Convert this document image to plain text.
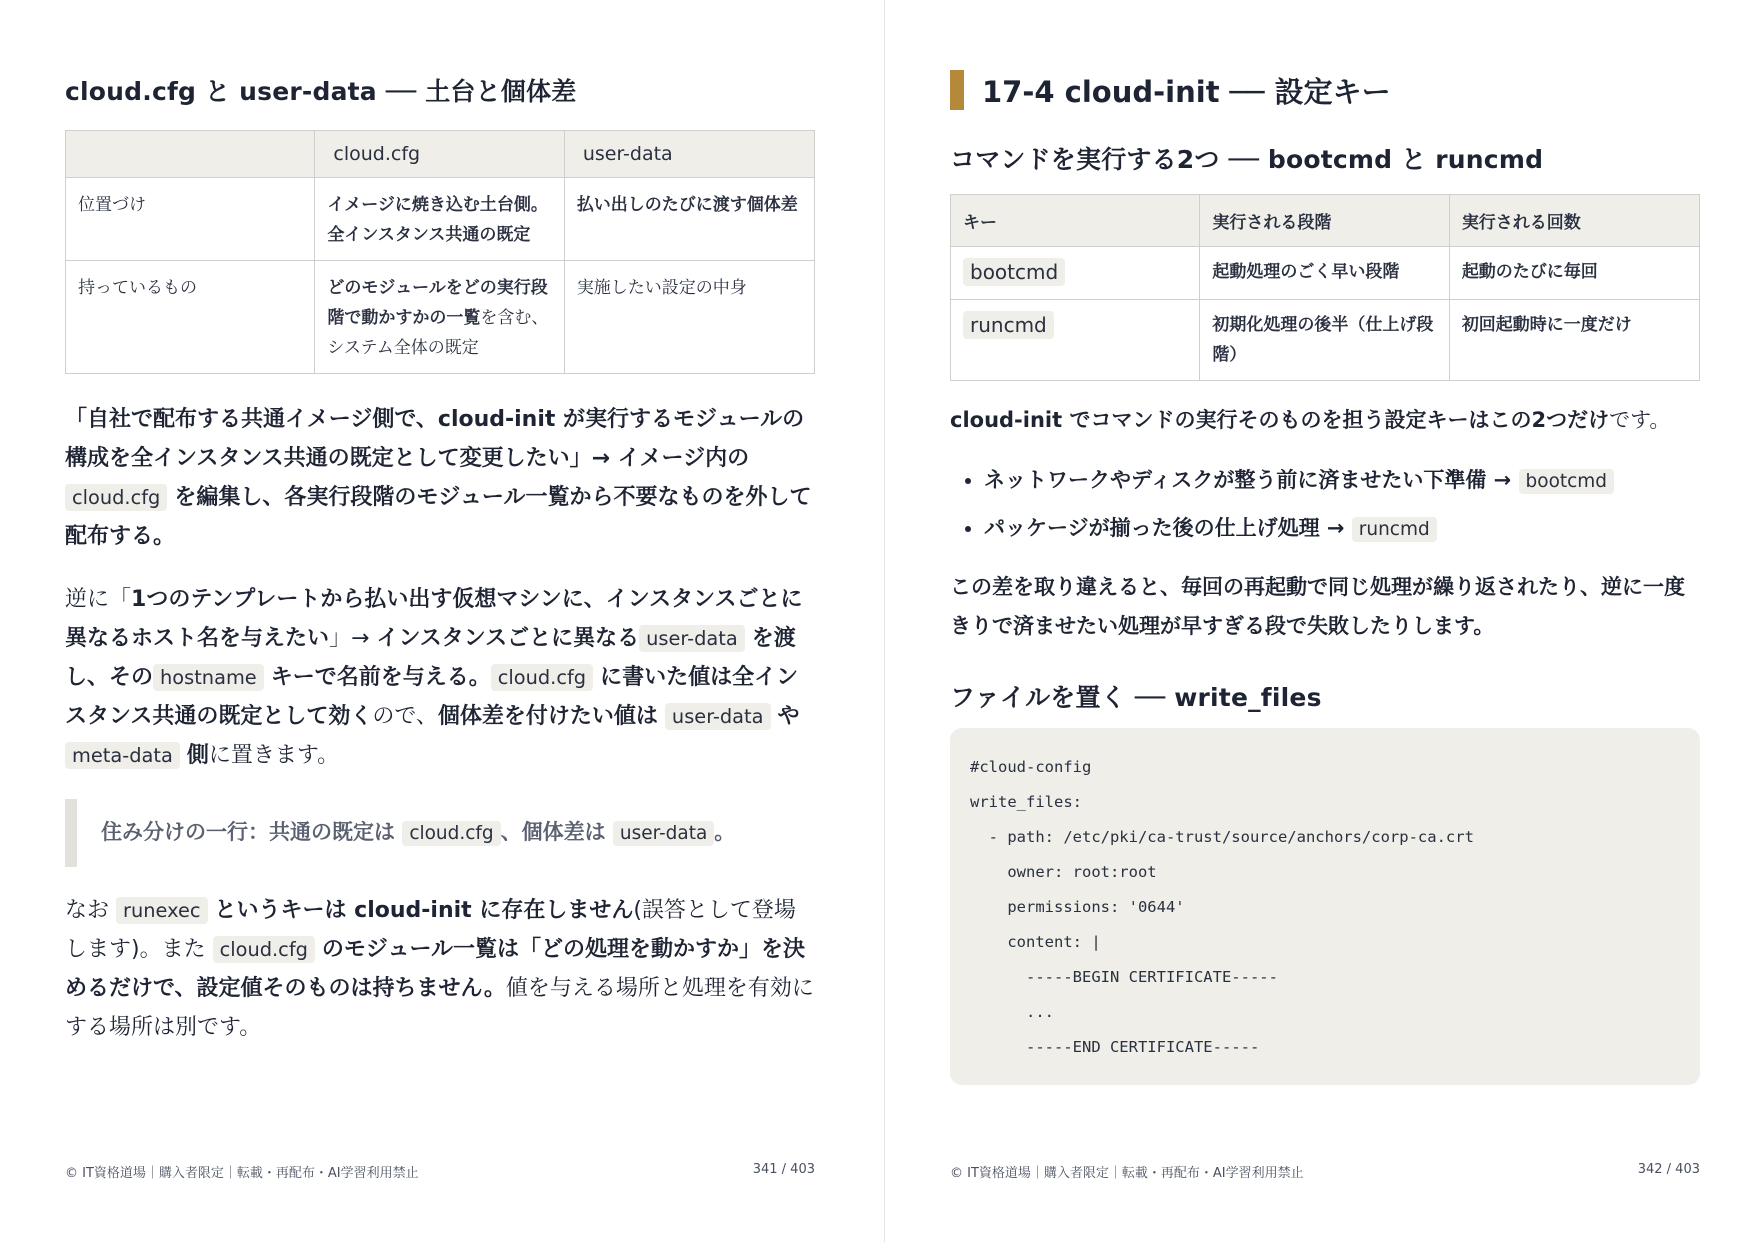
cloud.cfg と user-data ── 土台と個体差
	cloud.cfg	user-data
位置づけ	イメージに焼き込む土台側。全インスタンス共通の既定	払い出しのたびに渡す個体差
持っているもの	どのモジュールをどの実行段階で動かすかの一覧を含む、システム全体の既定	実施したい設定の中身

「自社で配布する共通イメージ側で、cloud-init が実行するモジュールの構成を全インスタンス共通の既定として変更したい」→ イメージ内のcloud.cfg を編集し、各実行段階のモジュール一覧から不要なものを外して配布する。

逆に「1つのテンプレートから払い出す仮想マシンに、インスタンスごとに異なるホスト名を与えたい」→ インスタンスごとに異なる user-data を渡し、その hostname キーで名前を与える。 cloud.cfg に書いた値は全インスタンス共通の既定として効くので、個体差を付けたい値は user-data や meta-data 側に置きます。

住み分けの一行：共通の既定は cloud.cfg 、個体差は user-data 。

なお runexec というキーは cloud-init に存在しません(誤答として登場します)。また cloud.cfg のモジュール一覧は「どの処理を動かすか」を決めるだけで、設定値そのものは持ちません。値を与える場所と処理を有効にする場所は別です。

© IT資格道場｜購入者限定｜転載・再配布・AI学習利用禁止	341 / 403
17-4 cloud-init ── 設定キー
コマンドを実行する2つ ── bootcmd と runcmd
キー	実行される段階	実行される回数
bootcmd	起動処理のごく早い段階	起動のたびに毎回
runcmd	初期化処理の後半（仕上げ段階）	初回起動時に一度だけ

cloud-init でコマンドの実行そのものを担う設定キーはこの2つだけです。

• ネットワークやディスクが整う前に済ませたい下準備 → bootcmd
• パッケージが揃った後の仕上げ処理 → runcmd

この差を取り違えると、毎回の再起動で同じ処理が繰り返されたり、逆に一度きりで済ませたい処理が早すぎる段で失敗したりします。

ファイルを置く ── write_files
#cloud-config
write_files:
- path: /etc/pki/ca-trust/source/anchors/corp-ca.crt
owner: root:root
permissions: '0644'
content: |
-----BEGIN CERTIFICATE-----
...
-----END CERTIFICATE-----
© IT資格道場｜購入者限定｜転載・再配布・AI学習利用禁止	342 / 403
